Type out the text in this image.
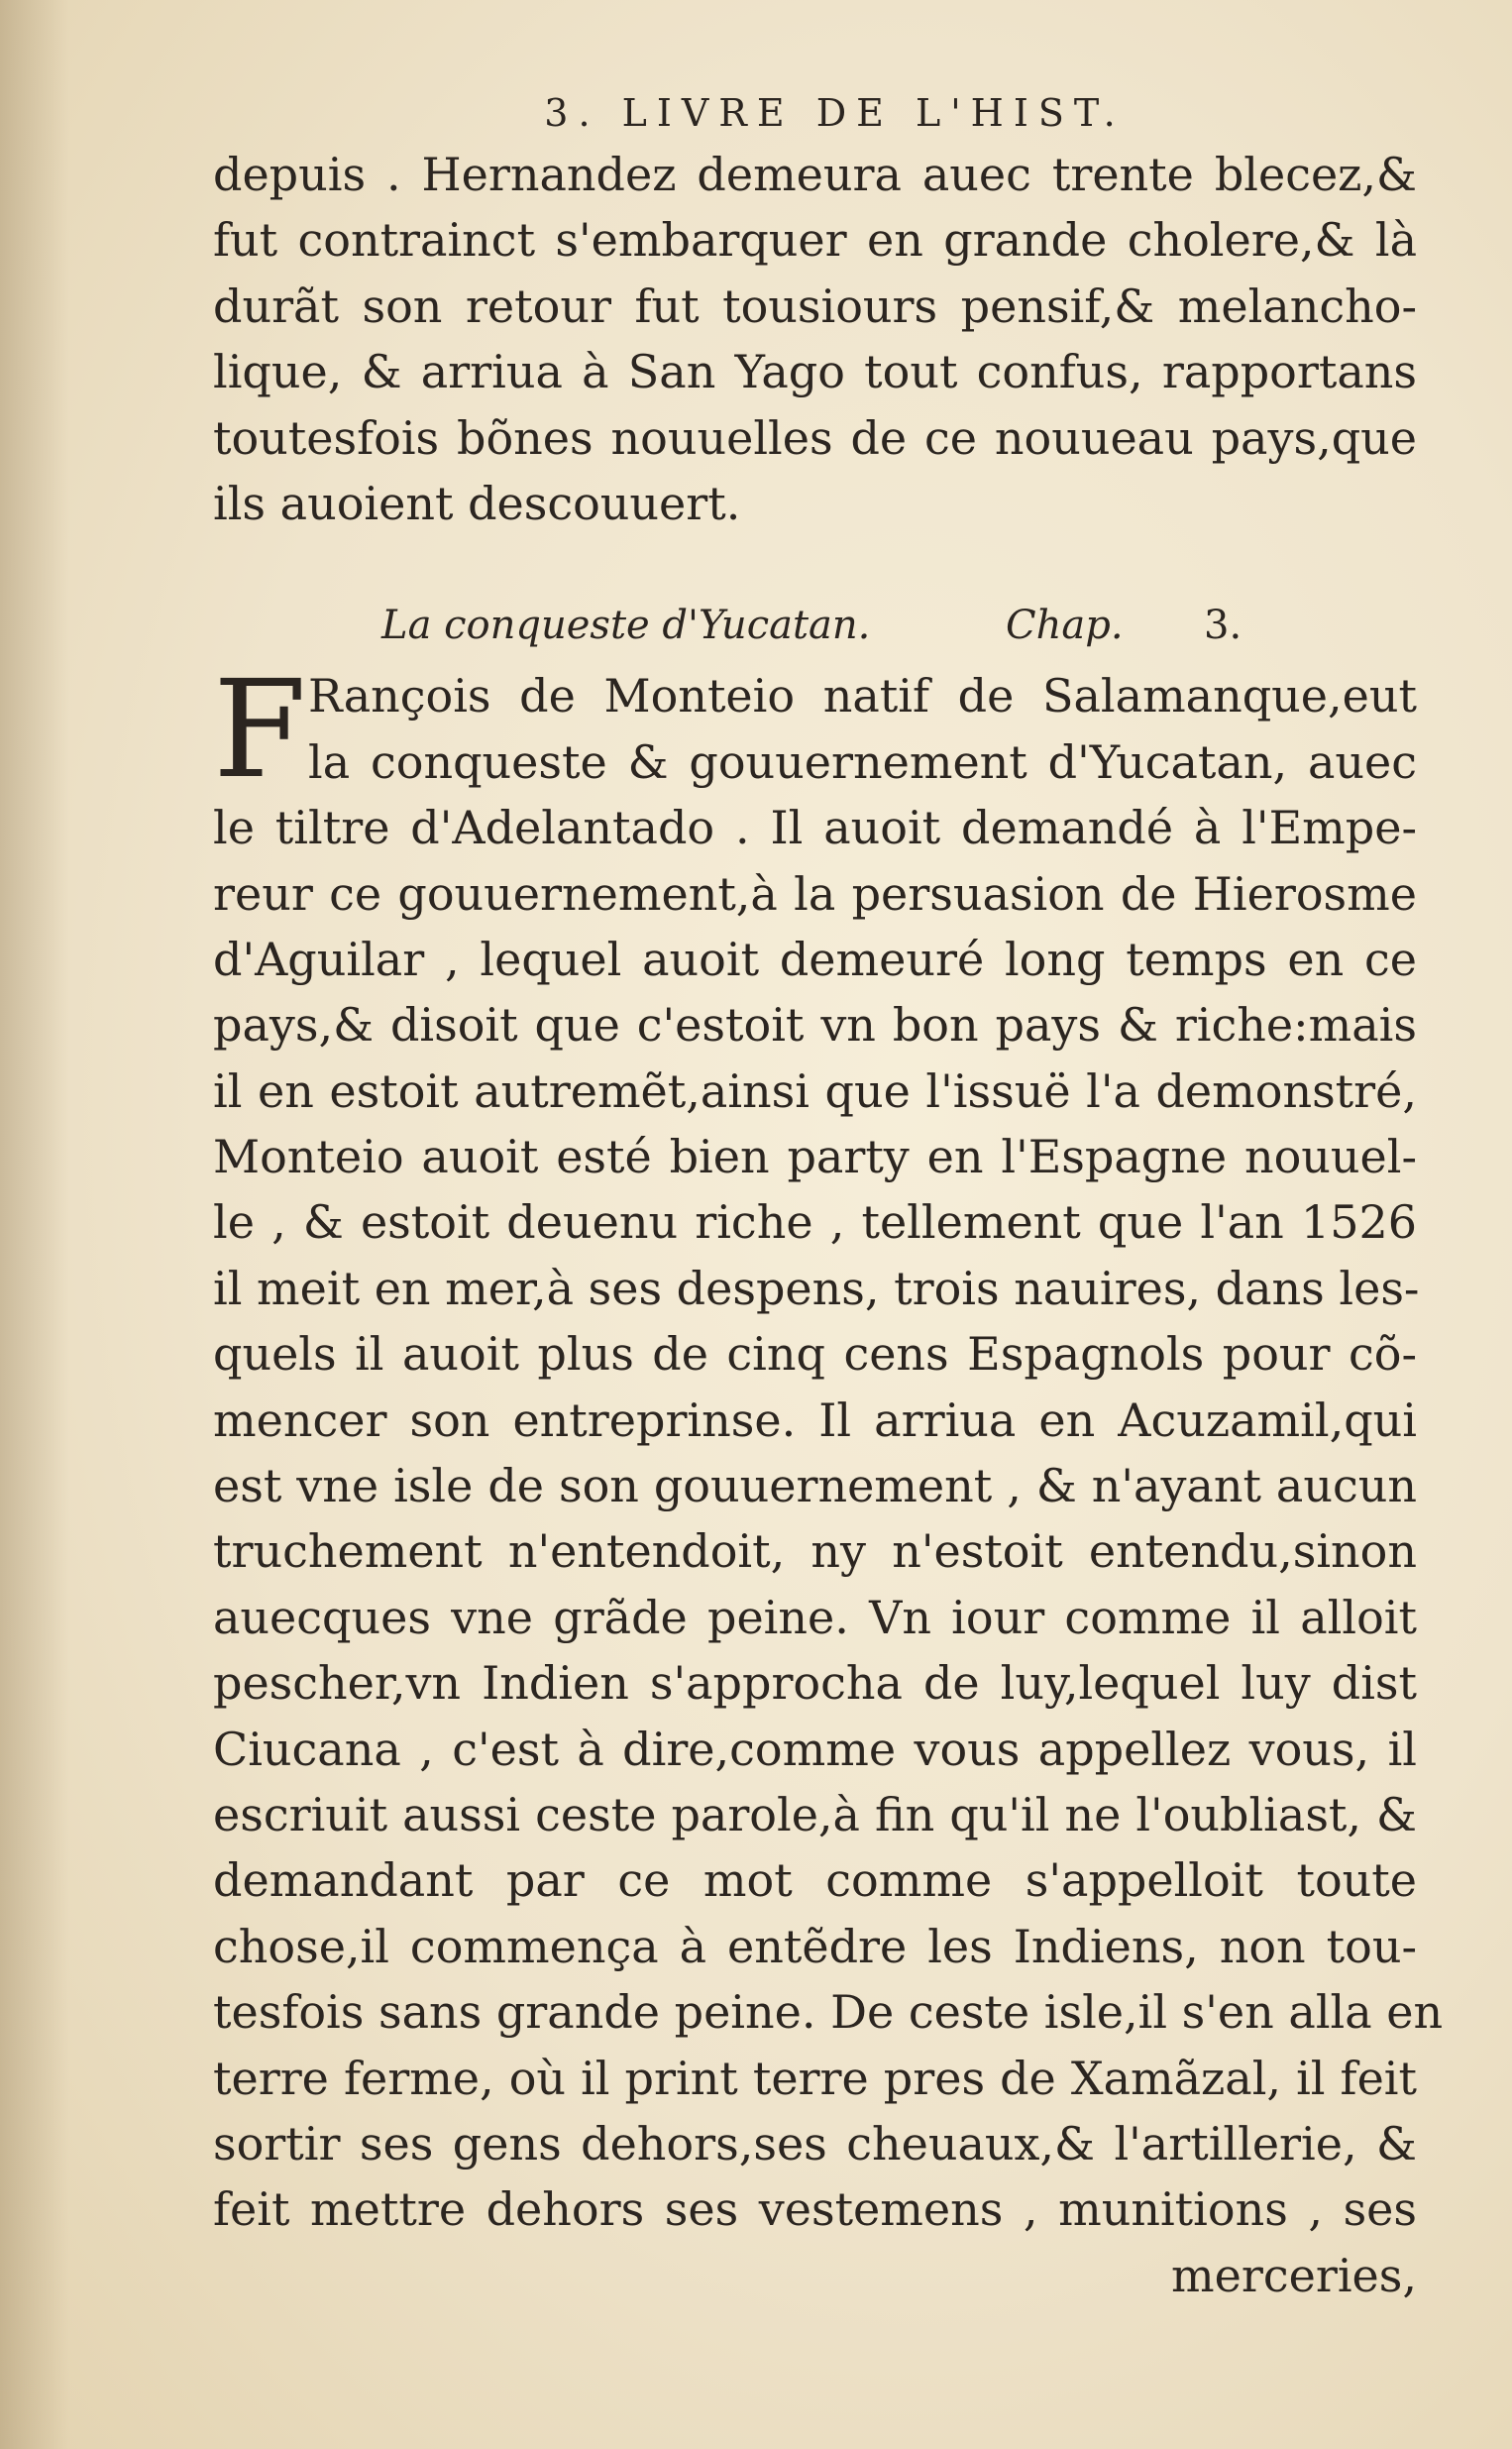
3. LIVRE DE L'HIST.
depuis . Hernandez demeura auec trente blecez,&
fut contrainct s'embarquer en grande cholere,& là
durãt son retour fut tousiours pensif,& melancho-
lique, & arriua à San Yago tout confus, rapportans
toutesfois bõnes nouuelles de ce nouueau pays,que
ils auoient descouuert.
La conqueste d'Yucatan.	Chap. 3.
F Rançois de Monteio natif de Salamanque,eut
la conqueste & gouuernement d'Yucatan, auec
le tiltre d'Adelantado . Il auoit demandé à l'Empe-
reur ce gouuernement,à la persuasion de Hierosme
d'Aguilar , lequel auoit demeuré long temps en ce
pays,& disoit que c'estoit vn bon pays & riche:mais
il en estoit autremẽt,ainsi que l'issuë l'a demonstré,
Monteio auoit esté bien party en l'Espagne nouuel-
le , & estoit deuenu riche , tellement que l'an 1526
il meit en mer,à ses despens, trois nauires, dans les-
quels il auoit plus de cinq cens Espagnols pour cõ-
mencer son entreprinse. Il arriua en Acuzamil,qui
est vne isle de son gouuernement , & n'ayant aucun
truchement n'entendoit, ny n'estoit entendu,sinon
auecques vne grãde peine. Vn iour comme il alloit
pescher,vn Indien s'approcha de luy,lequel luy dist
Ciucana , c'est à dire,comme vous appellez vous, il
escriuit aussi ceste parole,à fin qu'il ne l'oubliast, &
demandant par ce mot comme s'appelloit toute
chose,il commença à entẽdre les Indiens, non tou-
tesfois sans grande peine. De ceste isle,il s'en alla en
terre ferme, où il print terre pres de Xamãzal, il feit
sortir ses gens dehors,ses cheuaux,& l'artillerie, &
feit mettre dehors ses vestemens , munitions , ses
merceries,
